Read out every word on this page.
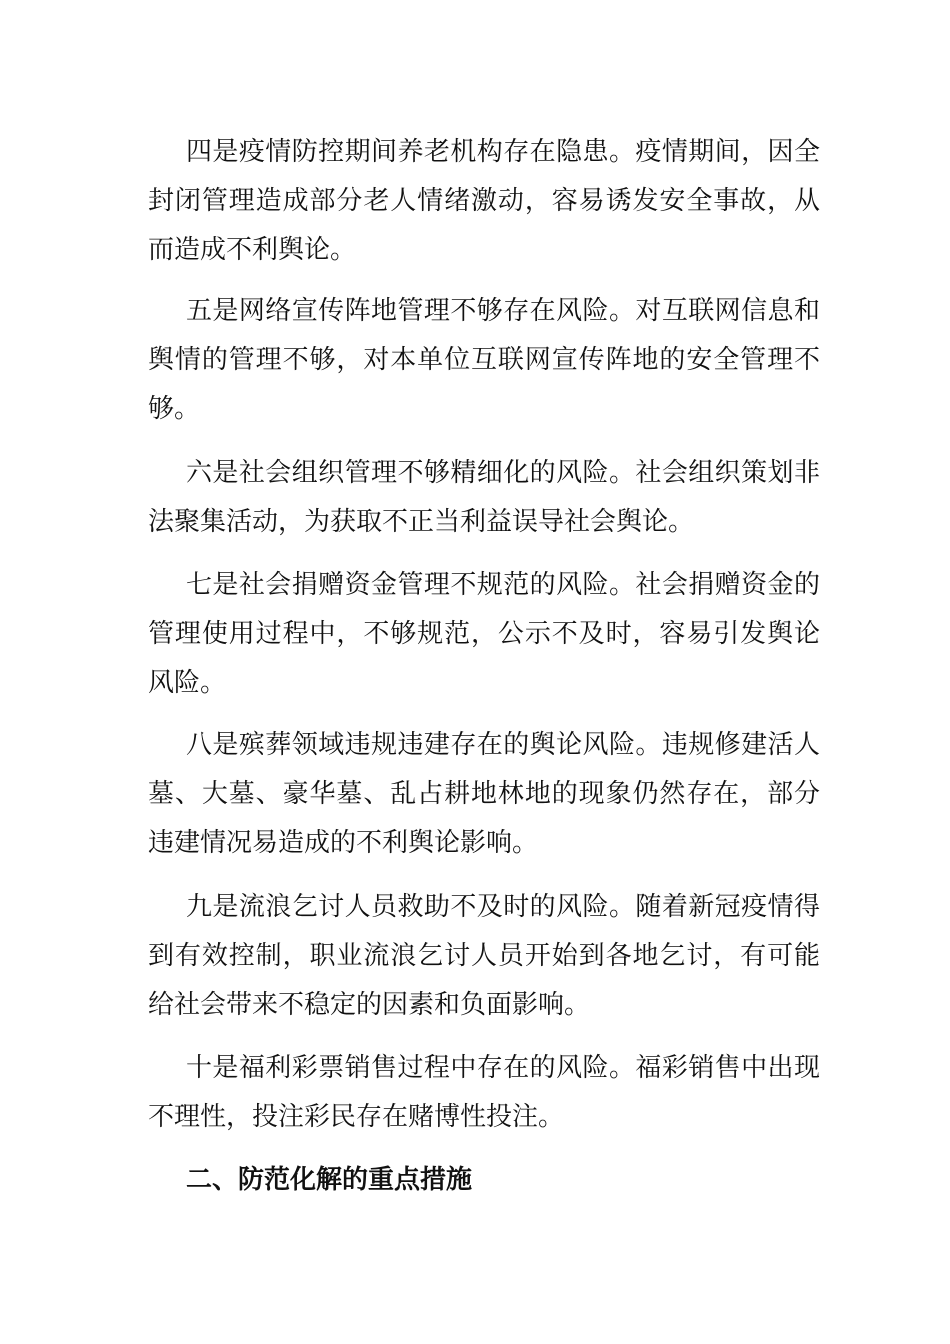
四是疫情防控期间养老机构存在隐患。疫情期间，因全
封闭管理造成部分老人情绪激动，容易诱发安全事故，从
而造成不利舆论。
五是网络宣传阵地管理不够存在风险。对互联网信息和
舆情的管理不够，对本单位互联网宣传阵地的安全管理不
够。
六是社会组织管理不够精细化的风险。社会组织策划非
法聚集活动，为获取不正当利益误导社会舆论。
七是社会捐赠资金管理不规范的风险。社会捐赠资金的
管理使用过程中，不够规范，公示不及时，容易引发舆论
风险。
八是殡葬领域违规违建存在的舆论风险。违规修建活人
墓、大墓、豪华墓、乱占耕地林地的现象仍然存在，部分
违建情况易造成的不利舆论影响。
九是流浪乞讨人员救助不及时的风险。随着新冠疫情得
到有效控制，职业流浪乞讨人员开始到各地乞讨，有可能
给社会带来不稳定的因素和负面影响。
十是福利彩票销售过程中存在的风险。福彩销售中出现
不理性，投注彩民存在赌博性投注。
二、防范化解的重点措施
